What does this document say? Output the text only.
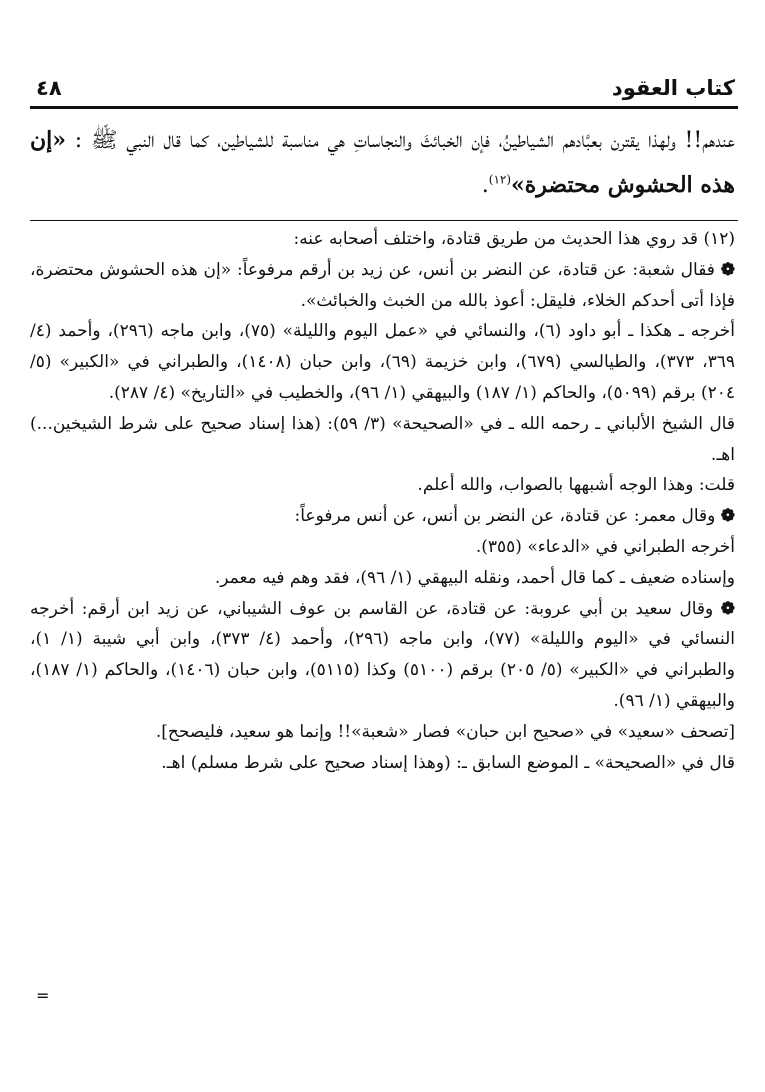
كتاب العقود
٤٨

عندهم!! ولهذا يقترن بعبَّادهم الشياطينُ، فإن الخبائثَ والنجاساتِ هي مناسبة للشياطين، كما قال النبي ﷺ : «إن هذه الحشوش محتضرة»$^{(١٢)}$.

(١٢) قد روي هذا الحديث من طريق قتادة، واختلف أصحابه عنه:

❁ فقال شعبة: عن قتادة، عن النضر بن أنس، عن زيد بن أرقم مرفوعاً: «إن هذه الحشوش محتضرة، فإذا أتى أحدكم الخلاء، فليقل: أعوذ بالله من الخبث والخبائث».

أخرجه ـ هكذا ـ أبو داود (٦)، والنسائي في «عمل اليوم والليلة» (٧٥)، وابن ماجه (٢٩٦)، وأحمد (٤/ ٣٦٩، ٣٧٣)، والطيالسي (٦٧٩)، وابن خزيمة (٦٩)، وابن حبان (١٤٠٨)، والطبراني في «الكبير» (٥/ ٢٠٤) برقم (٥٠٩٩)، والحاكم (١/ ١٨٧) والبيهقي (١/ ٩٦)، والخطيب في «التاريخ» (٤/ ٢٨٧).

قال الشيخ الألباني ـ رحمه الله ـ في «الصحيحة» (٣/ ٥٩): (هذا إسناد صحيح على شرط الشيخين...) اهـ.

قلت: وهذا الوجه أشبهها بالصواب، والله أعلم.

❁ وقال معمر: عن قتادة، عن النضر بن أنس، عن أنس مرفوعاً:

أخرجه الطبراني في «الدعاء» (٣٥٥).

وإسناده ضعيف ـ كما قال أحمد، ونقله البيهقي (١/ ٩٦)، فقد وهم فيه معمر.

❁ وقال سعيد بن أبي عروبة: عن قتادة، عن القاسم بن عوف الشيباني، عن زيد ابن أرقم: أخرجه النسائي في «اليوم والليلة» (٧٧)، وابن ماجه (٢٩٦)، وأحمد (٤/ ٣٧٣)، وابن أبي شيبة (١/ ١)، والطبراني في «الكبير» (٥/ ٢٠٥) برقم (٥١٠٠) وكذا (٥١١٥)، وابن حبان (١٤٠٦)، والحاكم (١/ ١٨٧)، والبيهقي (١/ ٩٦).

[تصحف «سعيد» في «صحيح ابن حبان» فصار «شعبة»!! وإنما هو سعيد، فليصحح].

قال في «الصحيحة» ـ الموضع السابق ـ: (وهذا إسناد صحيح على شرط مسلم) اهـ.

=
